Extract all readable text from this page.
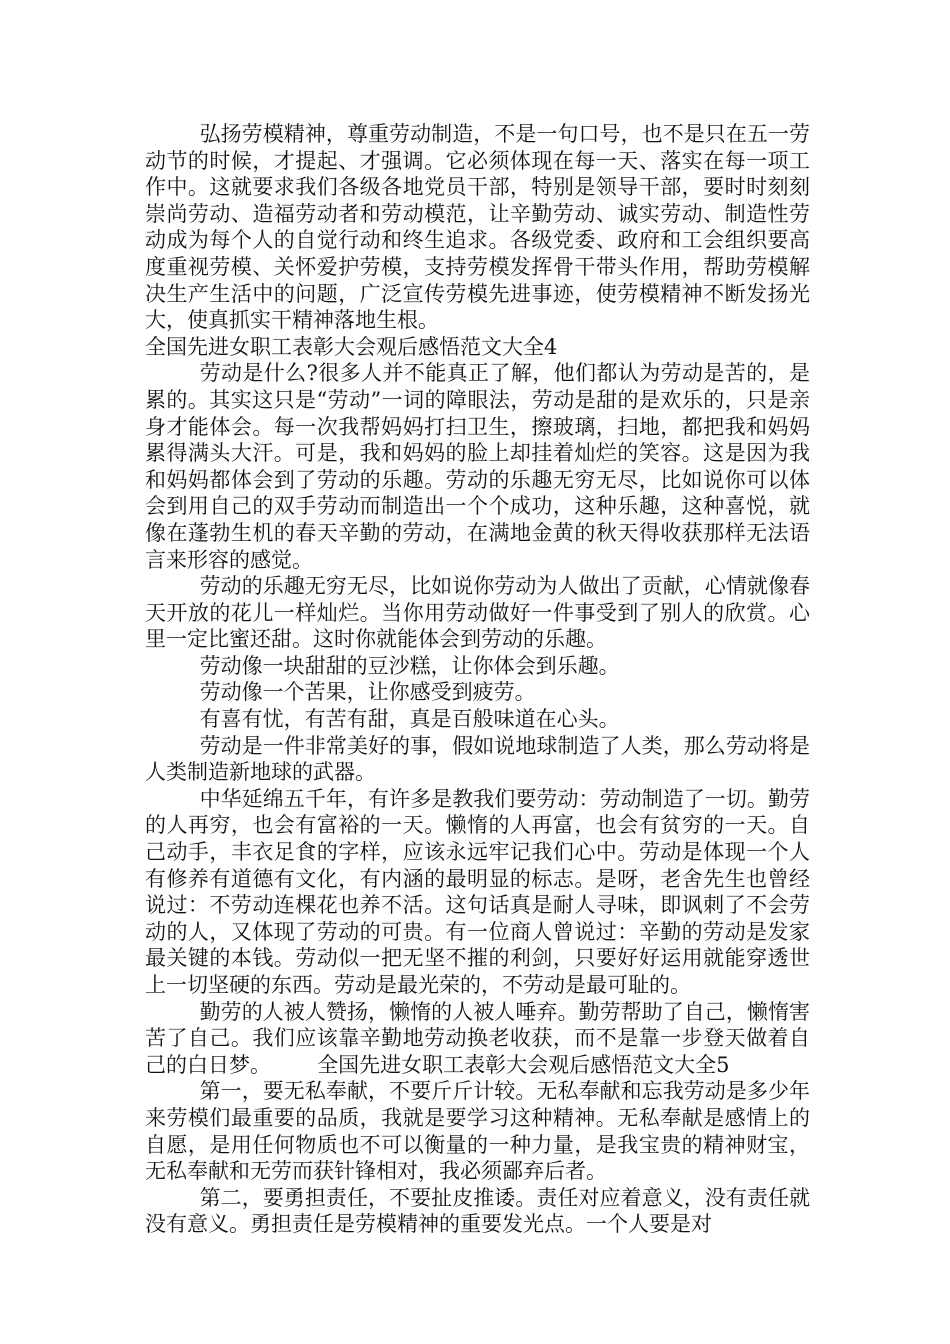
弘扬劳模精神，尊重劳动制造，不是一句口号，也不是只在五一劳动节的时候，才提起、才强调。它必须体现在每一天、落实在每一项工作中。这就要求我们各级各地党员干部，特别是领导干部，要时时刻刻崇尚劳动、造福劳动者和劳动模范，让辛勤劳动、诚实劳动、制造性劳动成为每个人的自觉行动和终生追求。各级党委、政府和工会组织要高度重视劳模、关怀爱护劳模，支持劳模发挥骨干带头作用，帮助劳模解决生产生活中的问题，广泛宣传劳模先进事迹，使劳模精神不断发扬光大，使真抓实干精神落地生根。

全国先进女职工表彰大会观后感悟范文大全4

劳动是什么?很多人并不能真正了解，他们都认为劳动是苦的，是累的。其实这只是“劳动”一词的障眼法，劳动是甜的是欢乐的，只是亲身才能体会。每一次我帮妈妈打扫卫生，擦玻璃，扫地，都把我和妈妈累得满头大汗。可是，我和妈妈的脸上却挂着灿烂的笑容。这是因为我和妈妈都体会到了劳动的乐趣。劳动的乐趣无穷无尽，比如说你可以体会到用自己的双手劳动而制造出一个个成功，这种乐趣，这种喜悦，就像在蓬勃生机的春天辛勤的劳动，在满地金黄的秋天得收获那样无法语言来形容的感觉。

劳动的乐趣无穷无尽，比如说你劳动为人做出了贡献，心情就像春天开放的花儿一样灿烂。当你用劳动做好一件事受到了别人的欣赏。心里一定比蜜还甜。这时你就能体会到劳动的乐趣。

劳动像一块甜甜的豆沙糕，让你体会到乐趣。

劳动像一个苦果，让你感受到疲劳。

有喜有忧，有苦有甜，真是百般味道在心头。

劳动是一件非常美好的事，假如说地球制造了人类，那么劳动将是人类制造新地球的武器。

中华延绵五千年，有许多是教我们要劳动：劳动制造了一切。勤劳的人再穷，也会有富裕的一天。懒惰的人再富，也会有贫穷的一天。自己动手，丰衣足食的字样，应该永远牢记我们心中。劳动是体现一个人有修养有道德有文化，有内涵的最明显的标志。是呀，老舍先生也曾经说过：不劳动连棵花也养不活。这句话真是耐人寻味，即讽刺了不会劳动的人，又体现了劳动的可贵。有一位商人曾说过：辛勤的劳动是发家最关键的本钱。劳动似一把无坚不摧的利剑，只要好好运用就能穿透世上一切坚硬的东西。劳动是最光荣的，不劳动是最可耻的。

勤劳的人被人赞扬，懒惰的人被人唾弃。勤劳帮助了自己，懒惰害苦了自己。我们应该靠辛勤地劳动换老收获，而不是靠一步登天做着自己的白日梦。 全国先进女职工表彰大会观后感悟范文大全5

第一，要无私奉献，不要斤斤计较。无私奉献和忘我劳动是多少年来劳模们最重要的品质，我就是要学习这种精神。无私奉献是感情上的自愿，是用任何物质也不可以衡量的一种力量，是我宝贵的精神财宝，无私奉献和无劳而获针锋相对，我必须鄙弃后者。

第二，要勇担责任，不要扯皮推诿。责任对应着意义，没有责任就没有意义。勇担责任是劳模精神的重要发光点。一个人要是对
